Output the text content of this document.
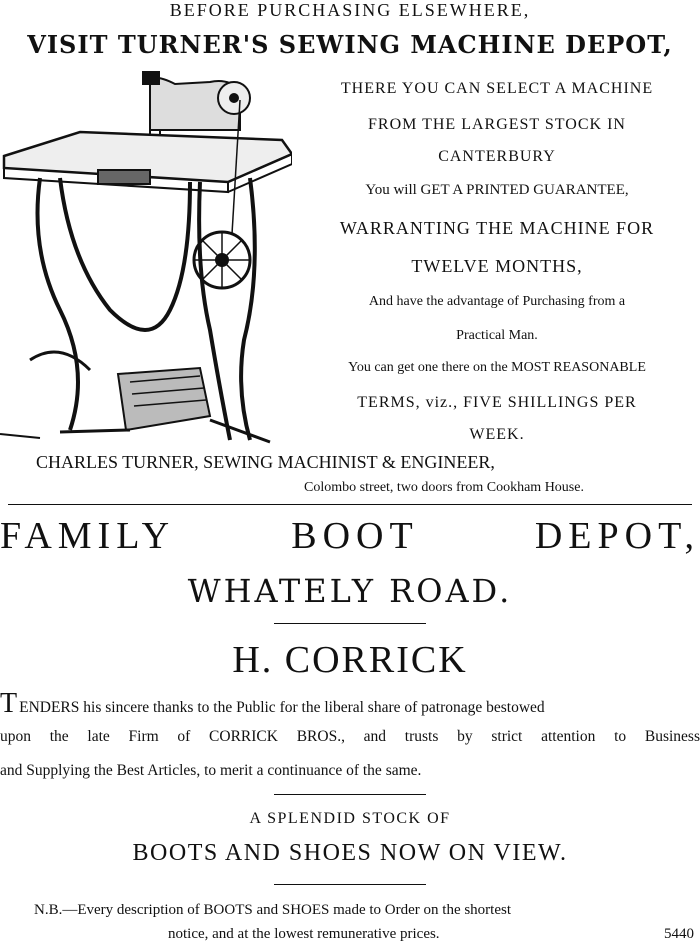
BEFORE PURCHASING ELSEWHERE,
VISIT TURNER'S SEWING MACHINE DEPOT,
THERE YOU CAN SELECT A MACHINE
FROM THE LARGEST STOCK IN
CANTERBURY
You will GET A PRINTED GUARANTEE,
WARRANTING THE MACHINE FOR
TWELVE MONTHS,
And have the advantage of Purchasing from a
Practical Man.
You can get one there on the MOST REASONABLE
TERMS, viz., FIVE SHILLINGS PER
WEEK.
CHARLES TURNER, SEWING MACHINIST & ENGINEER,
Colombo street, two doors from Cookham House.
FAMILY	BOOT	DEPOT,
WHATELY ROAD.
H. CORRICK
TENDERS his sincere thanks to the Public for the liberal share of patronage bestowed
upon the late Firm of CORRICK BROS., and trusts by strict attention to Business
and Supplying the Best Articles, to merit a continuance of the same.
A SPLENDID STOCK OF
BOOTS AND SHOES NOW ON VIEW.
N.B.—Every description of BOOTS and SHOES made to Order on the shortest
notice, and at the lowest remunerative prices.	5440
